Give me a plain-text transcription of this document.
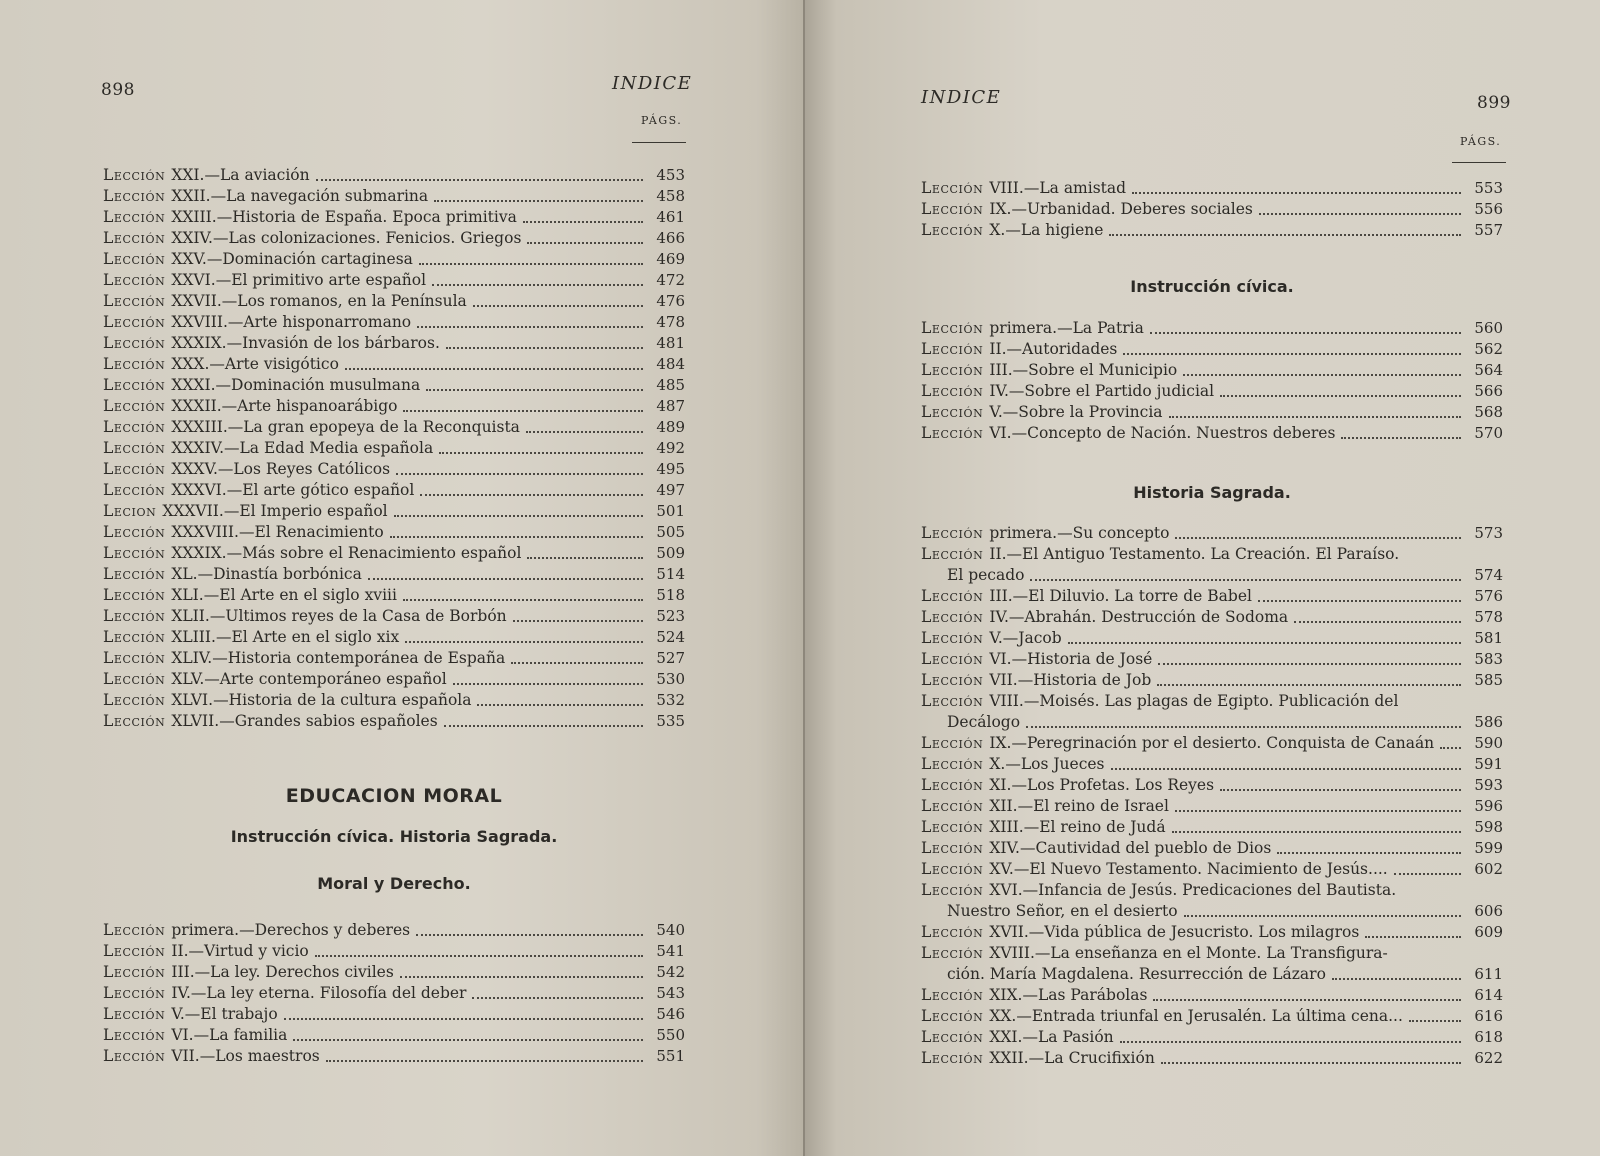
898	INDICE
PÁGS.
Lección XXI. —La aviación	453
Lección XXII. —La navegación submarina	458
Lección XXIII. —Historia de España. Epoca primitiva	461
Lección XXIV. —Las colonizaciones. Fenicios. Griegos	466
Lección XXV. —Dominación cartaginesa	469
Lección XXVI. —El primitivo arte español	472
Lección XXVII. —Los romanos, en la Península	476
Lección XXVIII. —Arte hisponarromano	478
Lección XXXIX. —Invasión de los bárbaros.	481
Lección XXX. —Arte visigótico	484
Lección XXXI. —Dominación musulmana	485
Lección XXXII. —Arte hispanoarábigo	487
Lección XXXIII. —La gran epopeya de la Reconquista	489
Lección XXXIV. —La Edad Media española	492
Lección XXXV. —Los Reyes Católicos	495
Lección XXXVI. —El arte gótico español	497
Lecion XXXVII. —El Imperio español	501
Lección XXXVIII. —El Renacimiento	505
Lección XXXIX. —Más sobre el Renacimiento español	509
Lección XL. —Dinastía borbónica	514
Lección XLI. —El Arte en el siglo xviii	518
Lección XLII. —Ultimos reyes de la Casa de Borbón	523
Lección XLIII. —El Arte en el siglo xix	524
Lección XLIV. —Historia contemporánea de España	527
Lección XLV. —Arte contemporáneo español	530
Lección XLVI. —Historia de la cultura española	532
Lección XLVII. —Grandes sabios españoles	535
EDUCACION MORAL
Instrucción cívica. Historia Sagrada.
Moral y Derecho.
Lección primera. —Derechos y deberes	540
Lección II. —Virtud y vicio	541
Lección III. —La ley. Derechos civiles	542
Lección IV. —La ley eterna. Filosofía del deber	543
Lección V. —El trabajo	546
Lección VI. —La familia	550
Lección VII. —Los maestros	551
INDICE	899
PÁGS.
Lección VIII. —La amistad	553
Lección IX. —Urbanidad. Deberes sociales	556
Lección X. —La higiene	557
Instrucción cívica.
Lección primera. —La Patria	560
Lección II. —Autoridades	562
Lección III. —Sobre el Municipio	564
Lección IV. —Sobre el Partido judicial	566
Lección V. —Sobre la Provincia	568
Lección VI. —Concepto de Nación. Nuestros deberes	570
Historia Sagrada.
Lección primera. —Su concepto	573
Lección II.—El Antiguo Testamento. La Creación. El Paraíso.
El pecado	574
Lección III. —El Diluvio. La torre de Babel	576
Lección IV. —Abrahán. Destrucción de Sodoma	578
Lección V. —Jacob	581
Lección VI. —Historia de José	583
Lección VII. —Historia de Job	585
Lección VIII.—Moisés. Las plagas de Egipto. Publicación del
Decálogo	586
Lección IX. —Peregrinación por el desierto. Conquista de Canaán	590
Lección X. —Los Jueces	591
Lección XI. —Los Profetas. Los Reyes	593
Lección XII. —El reino de Israel	596
Lección XIII. —El reino de Judá	598
Lección XIV. —Cautividad del pueblo de Dios	599
Lección XV. —El Nuevo Testamento. Nacimiento de Jesús....	602
Lección XVI.—Infancia de Jesús. Predicaciones del Bautista.
Nuestro Señor, en el desierto	606
Lección XVII. —Vida pública de Jesucristo. Los milagros	609
Lección XVIII.—La enseñanza en el Monte. La Transfigura-
ción. María Magdalena. Resurrección de Lázaro	611
Lección XIX. —Las Parábolas	614
Lección XX. —Entrada triunfal en Jerusalén. La última cena...	616
Lección XXI. —La Pasión	618
Lección XXII. —La Crucifixión	622
